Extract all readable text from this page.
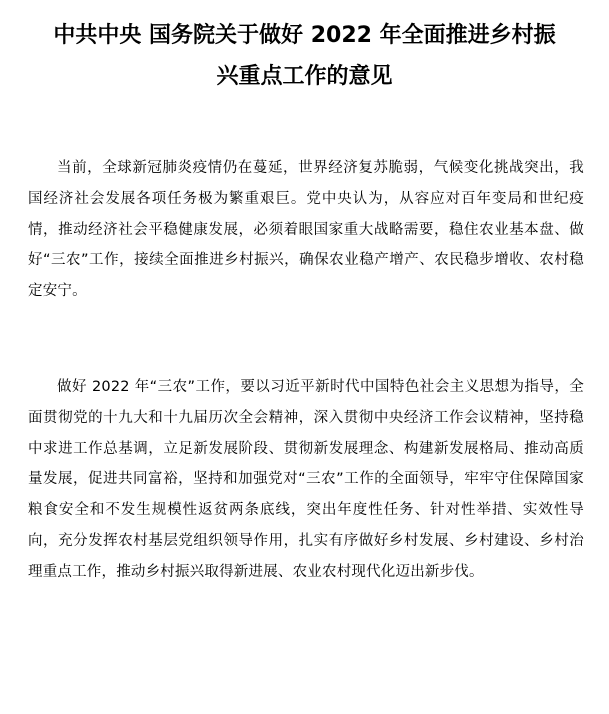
中共中央 国务院关于做好 2022 年全面推进乡村振
兴重点工作的意见

当前，全球新冠肺炎疫情仍在蔓延，世界经济复苏脆弱，气候变化挑战突出，我国经济社会发展各项任务极为繁重艰巨。党中央认为，从容应对百年变局和世纪疫情，推动经济社会平稳健康发展，必须着眼国家重大战略需要，稳住农业基本盘、做好“三农”工作，接续全面推进乡村振兴，确保农业稳产增产、农民稳步增收、农村稳定安宁。

做好 2022 年“三农”工作，要以习近平新时代中国特色社会主义思想为指导，全面贯彻党的十九大和十九届历次全会精神，深入贯彻中央经济工作会议精神，坚持稳中求进工作总基调，立足新发展阶段、贯彻新发展理念、构建新发展格局、推动高质量发展，促进共同富裕，坚持和加强党对“三农”工作的全面领导，牢牢守住保障国家粮食安全和不发生规模性返贫两条底线，突出年度性任务、针对性举措、实效性导向，充分发挥农村基层党组织领导作用，扎实有序做好乡村发展、乡村建设、乡村治理重点工作，推动乡村振兴取得新进展、农业农村现代化迈出新步伐。
